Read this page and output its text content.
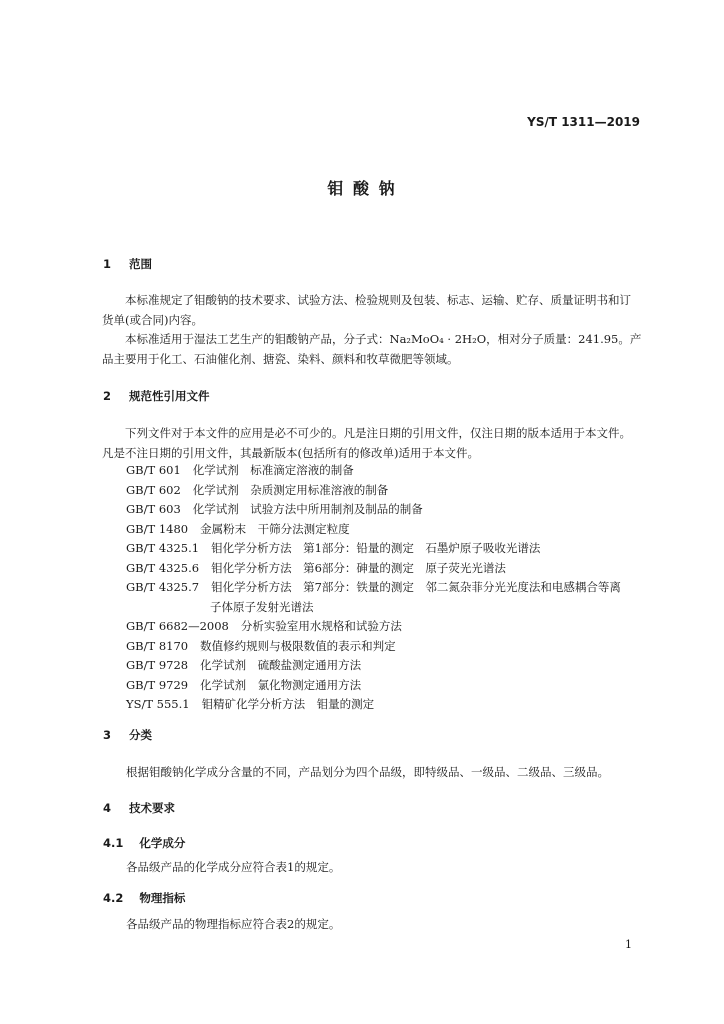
YS/T 1311—2019
钼 酸 钠
1 范围
本标准规定了钼酸钠的技术要求、试验方法、检验规则及包装、标志、运输、贮存、质量证明书和订货单(或合同)内容。
本标准适用于湿法工艺生产的钼酸钠产品，分子式：Na₂MoO₄ · 2H₂O，相对分子质量：241.95。产品主要用于化工、石油催化剂、搪瓷、染料、颜料和牧草微肥等领域。
2 规范性引用文件
下列文件对于本文件的应用是必不可少的。凡是注日期的引用文件，仅注日期的版本适用于本文件。凡是不注日期的引用文件，其最新版本(包括所有的修改单)适用于本文件。
GB/T 601 化学试剂　标准滴定溶液的制备
GB/T 602 化学试剂　杂质测定用标准溶液的制备
GB/T 603 化学试剂　试验方法中所用制剂及制品的制备
GB/T 1480 金属粉末　干筛分法测定粒度
GB/T 4325.1 钼化学分析方法　第1部分：铅量的测定　石墨炉原子吸收光谱法
GB/T 4325.6 钼化学分析方法　第6部分：砷量的测定　原子荧光光谱法
GB/T 4325.7 钼化学分析方法　第7部分：铁量的测定　邻二氮杂菲分光光度法和电感耦合等离
子体原子发射光谱法
GB/T 6682—2008 分析实验室用水规格和试验方法
GB/T 8170 数值修约规则与极限数值的表示和判定
GB/T 9728 化学试剂　硫酸盐测定通用方法
GB/T 9729 化学试剂　氯化物测定通用方法
YS/T 555.1 钼精矿化学分析方法　钼量的测定
3 分类
根据钼酸钠化学成分含量的不同，产品划分为四个品级，即特级品、一级品、二级品、三级品。
4 技术要求
4.1 化学成分
各品级产品的化学成分应符合表1的规定。
4.2 物理指标
各品级产品的物理指标应符合表2的规定。
1
